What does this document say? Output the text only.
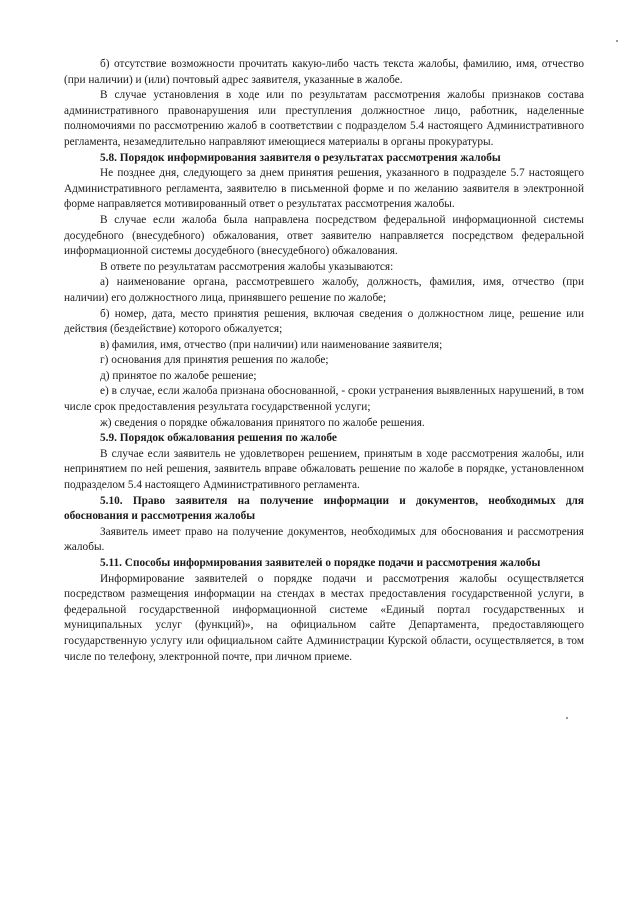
б) отсутствие возможности прочитать какую-либо часть текста жалобы, фамилию, имя, отчество (при наличии) и (или) почтовый адрес заявителя, указанные в жалобе.

В случае установления в ходе или по результатам рассмотрения жалобы признаков состава административного правонарушения или преступления должностное лицо, работник, наделенные полномочиями по рассмотрению жалоб в соответствии с подразделом 5.4 настоящего Административного регламента, незамедлительно направляют имеющиеся материалы в органы прокуратуры.

5.8. Порядок информирования заявителя о результатах рассмотрения жалобы

Не позднее дня, следующего за днем принятия решения, указанного в подразделе 5.7 настоящего Административного регламента, заявителю в письменной форме и по желанию заявителя в электронной форме направляется мотивированный ответ о результатах рассмотрения жалобы.

В случае если жалоба была направлена посредством федеральной информационной системы досудебного (внесудебного) обжалования, ответ заявителю направляется посредством федеральной информационной системы досудебного (внесудебного) обжалования.

В ответе по результатам рассмотрения жалобы указываются:

а) наименование органа, рассмотревшего жалобу, должность, фамилия, имя, отчество (при наличии) его должностного лица, принявшего решение по жалобе;

б) номер, дата, место принятия решения, включая сведения о должностном лице, решение или действия (бездействие) которого обжалуется;

в) фамилия, имя, отчество (при наличии) или наименование заявителя;

г) основания для принятия решения по жалобе;

д) принятое по жалобе решение;

е) в случае, если жалоба признана обоснованной, - сроки устранения выявленных нарушений, в том числе срок предоставления результата государственной услуги;

ж) сведения о порядке обжалования принятого по жалобе решения.

5.9. Порядок обжалования решения по жалобе

В случае если заявитель не удовлетворен решением, принятым в ходе рассмотрения жалобы, или непринятием по ней решения, заявитель вправе обжаловать решение по жалобе в порядке, установленном подразделом 5.4 настоящего Административного регламента.

5.10. Право заявителя на получение информации и документов, необходимых для обоснования и рассмотрения жалобы

Заявитель имеет право на получение документов, необходимых для обоснования и рассмотрения жалобы.

5.11. Способы информирования заявителей о порядке подачи и рассмотрения жалобы

Информирование заявителей о порядке подачи и рассмотрения жалобы осуществляется посредством размещения информации на стендах в местах предоставления государственной услуги, в федеральной государственной информационной системе «Единый портал государственных и муниципальных услуг (функций)», на официальном сайте Департамента, предоставляющего государственную услугу или официальном сайте Администрации Курской области, осуществляется, в том числе по телефону, электронной почте, при личном приеме.
